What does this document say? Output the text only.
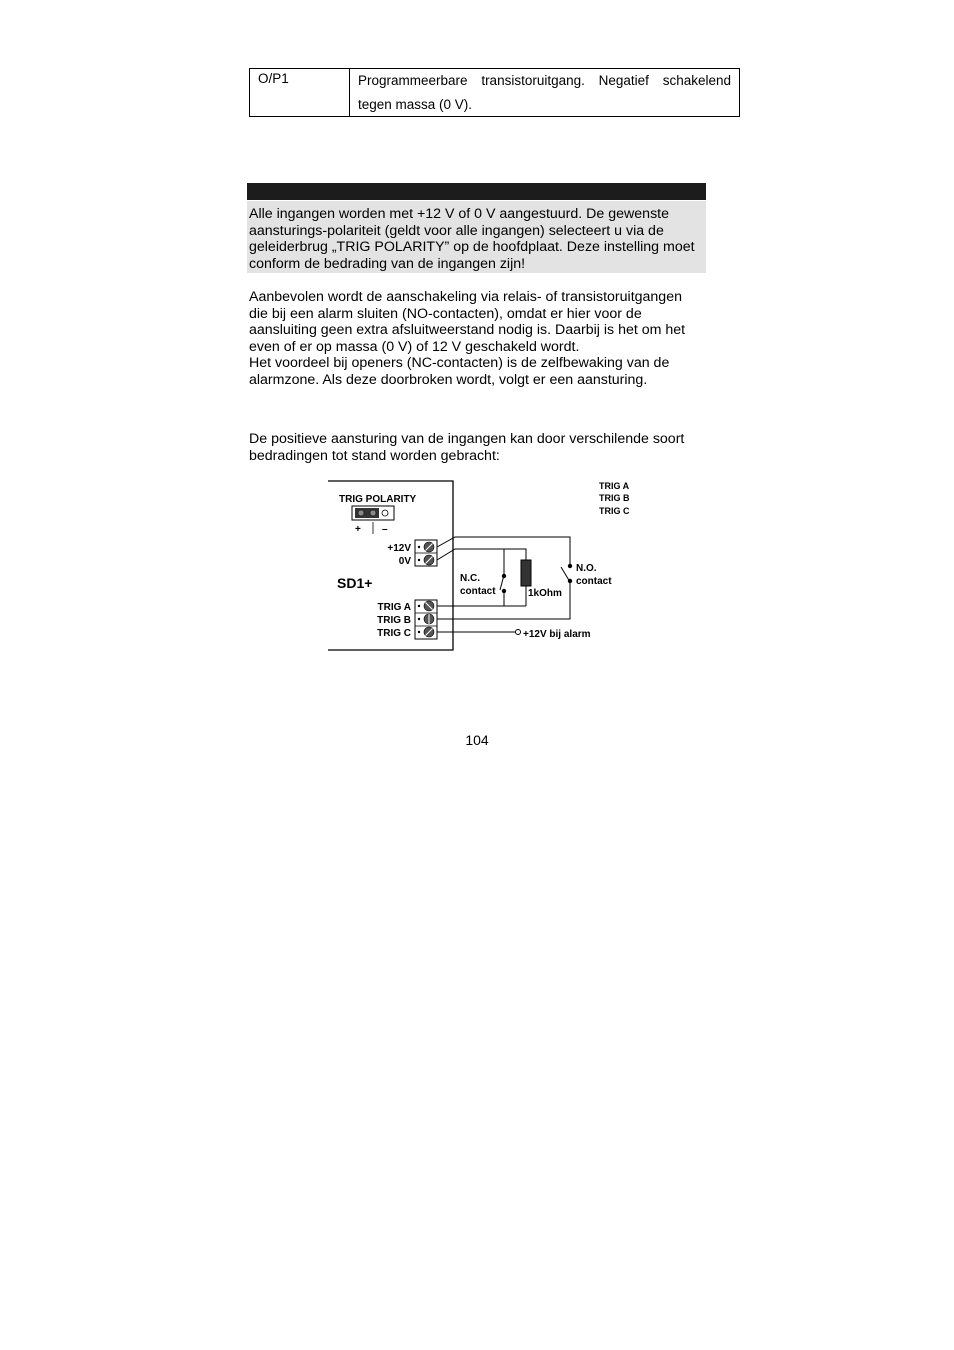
O/P1	Programmeerbare transistoruitgang. Negatief schakelend
tegen massa (0 V).
Alle ingangen worden met +12 V of 0 V aangestuurd. De gewenste
aansturings-polariteit (geldt voor alle ingangen) selecteert u via de
geleiderbrug „TRIG POLARITY” op de hoofdplaat. Deze instelling moet
conform de bedrading van de ingangen zijn!
Aanbevolen wordt de aanschakeling via relais- of transistoruitgangen
die bij een alarm sluiten (NO-contacten), omdat er hier voor de
aansluiting geen extra afsluitweerstand nodig is. Daarbij is het om het
even of er op massa (0 V) of 12 V geschakeld wordt.
Het voordeel bij openers (NC-contacten) is de zelfbewaking van de
alarmzone. Als deze doorbroken wordt, volgt er een aansturing.
De positieve aansturing van de ingangen kan door verschilende soort
bedradingen tot stand worden gebracht:
TRIG POLARITY
+ –
+12V
0V
SD1+
TRIG A
TRIG B
TRIG C
N.C.
contact	1kOhm
N.O.
contact
+12V bij alarm
TRIG A
TRIG B
TRIG C
104
